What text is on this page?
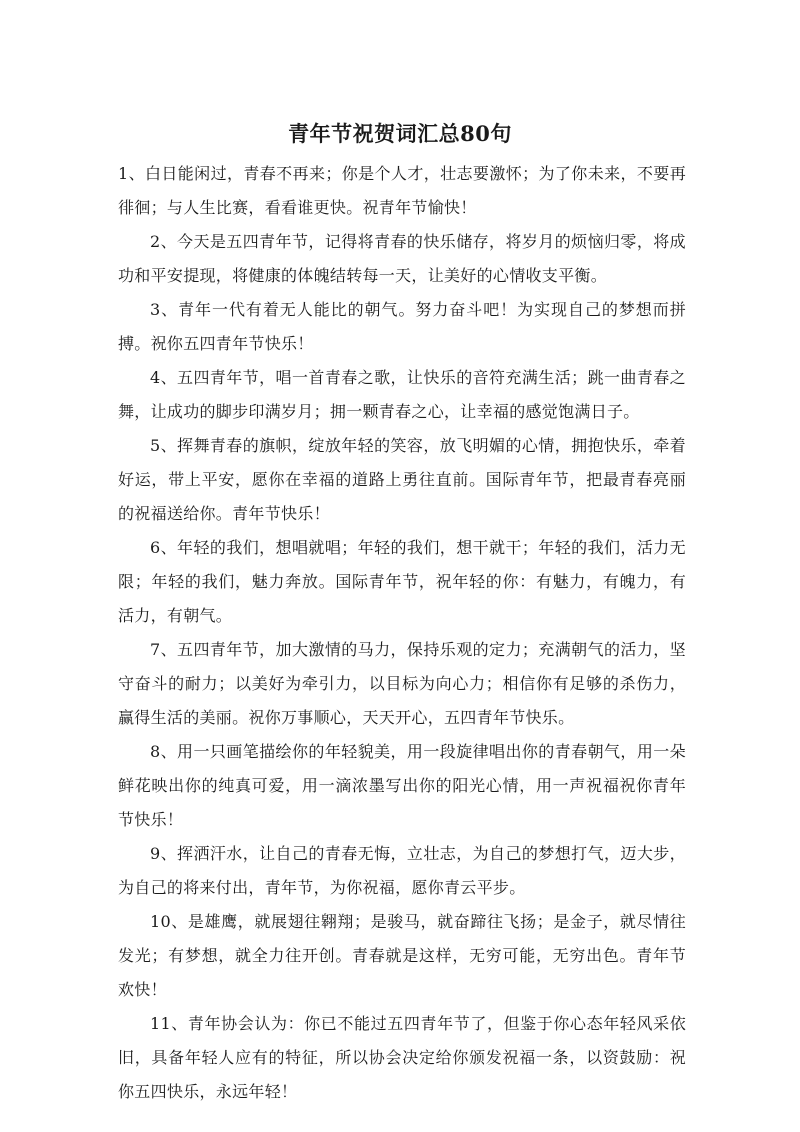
青年节祝贺词汇总80句

1、白日能闲过，青春不再来；你是个人才，壮志要激怀；为了你未来，不要再徘徊；与人生比赛，看看谁更快。祝青年节愉快！

2、今天是五四青年节，记得将青春的快乐储存，将岁月的烦恼归零，将成功和平安提现，将健康的体魄结转每一天，让美好的心情收支平衡。

3、青年一代有着无人能比的朝气。努力奋斗吧！为实现自己的梦想而拼搏。祝你五四青年节快乐！

4、五四青年节，唱一首青春之歌，让快乐的音符充满生活；跳一曲青春之舞，让成功的脚步印满岁月；拥一颗青春之心，让幸福的感觉饱满日子。

5、挥舞青春的旗帜，绽放年轻的笑容，放飞明媚的心情，拥抱快乐，牵着好运，带上平安，愿你在幸福的道路上勇往直前。国际青年节，把最青春亮丽的祝福送给你。青年节快乐！

6、年轻的我们，想唱就唱；年轻的我们，想干就干；年轻的我们，活力无限；年轻的我们，魅力奔放。国际青年节，祝年轻的你：有魅力，有魄力，有活力，有朝气。

7、五四青年节，加大激情的马力，保持乐观的定力；充满朝气的活力，坚守奋斗的耐力；以美好为牵引力，以目标为向心力；相信你有足够的杀伤力，赢得生活的美丽。祝你万事顺心，天天开心，五四青年节快乐。

8、用一只画笔描绘你的年轻貌美，用一段旋律唱出你的青春朝气，用一朵鲜花映出你的纯真可爱，用一滴浓墨写出你的阳光心情，用一声祝福祝你青年节快乐！

9、挥洒汗水，让自己的青春无悔，立壮志，为自己的梦想打气，迈大步，为自己的将来付出，青年节，为你祝福，愿你青云平步。

10、是雄鹰，就展翅往翱翔；是骏马，就奋蹄往飞扬；是金子，就尽情往发光；有梦想，就全力往开创。青春就是这样，无穷可能，无穷出色。青年节欢快！

11、青年协会认为：你已不能过五四青年节了，但鉴于你心态年轻风采依旧，具备年轻人应有的特征，所以协会决定给你颁发祝福一条，以资鼓励：祝你五四快乐，永远年轻！
